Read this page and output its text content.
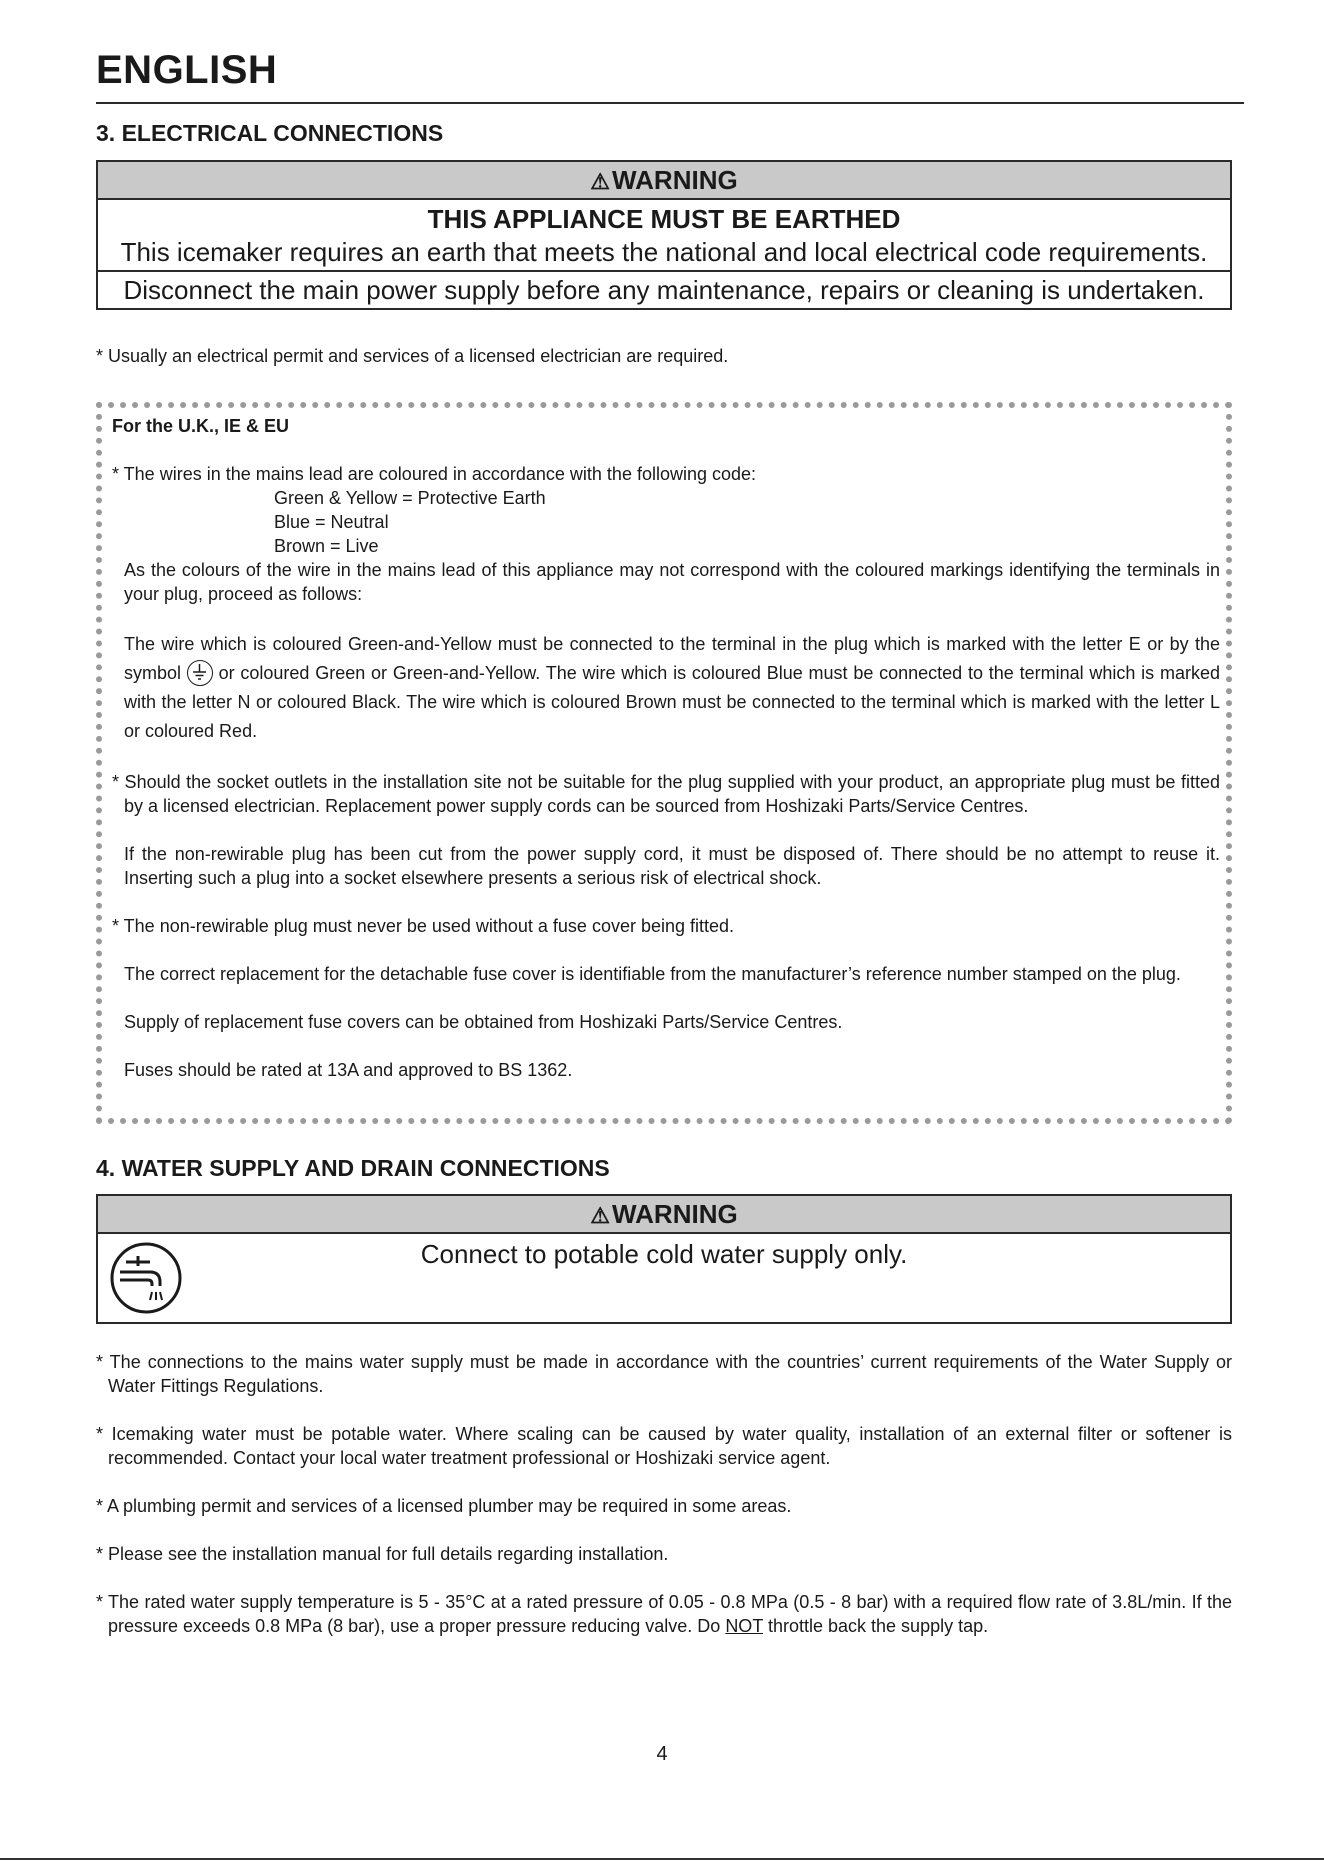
ENGLISH
3. ELECTRICAL CONNECTIONS
⚠WARNING
THIS APPLIANCE MUST BE EARTHED
This icemaker requires an earth that meets the national and local electrical code requirements.
Disconnect the main power supply before any maintenance, repairs or cleaning is undertaken.

* Usually an electrical permit and services of a licensed electrician are required.

For the U.K., IE & EU

* The wires in the mains lead are coloured in accordance with the following code:

Green & Yellow = Protective Earth

Blue = Neutral

Brown = Live

As the colours of the wire in the mains lead of this appliance may not correspond with the coloured markings identifying the terminals in your plug, proceed as follows:

The wire which is coloured Green-and-Yellow must be connected to the terminal in the plug which is marked with the letter E or by the symbol or coloured Green or Green-and-Yellow. The wire which is coloured Blue must be connected to the terminal which is marked with the letter N or coloured Black. The wire which is coloured Brown must be connected to the terminal which is marked with the letter L or coloured Red.

* Should the socket outlets in the installation site not be suitable for the plug supplied with your product, an appropriate plug must be fitted by a licensed electrician. Replacement power supply cords can be sourced from Hoshizaki Parts/Service Centres.

If the non-rewirable plug has been cut from the power supply cord, it must be disposed of. There should be no attempt to reuse it. Inserting such a plug into a socket elsewhere presents a serious risk of electrical shock.

* The non-rewirable plug must never be used without a fuse cover being fitted.

The correct replacement for the detachable fuse cover is identifiable from the manufacturer’s reference number stamped on the plug.

Supply of replacement fuse covers can be obtained from Hoshizaki Parts/Service Centres.

Fuses should be rated at 13A and approved to BS 1362.

4. WATER SUPPLY AND DRAIN CONNECTIONS
⚠WARNING
Connect to potable cold water supply only.

* The connections to the mains water supply must be made in accordance with the countries’ current requirements of the Water Supply or Water Fittings Regulations.

* Icemaking water must be potable water. Where scaling can be caused by water quality, installation of an external filter or softener is recommended. Contact your local water treatment professional or Hoshizaki service agent.

* A plumbing permit and services of a licensed plumber may be required in some areas.

* Please see the installation manual for full details regarding installation.

* The rated water supply temperature is 5 - 35°C at a rated pressure of 0.05 - 0.8 MPa (0.5 - 8 bar) with a required flow rate of 3.8L/min. If the pressure exceeds 0.8 MPa (8 bar), use a proper pressure reducing valve. Do NOT throttle back the supply tap.

4
